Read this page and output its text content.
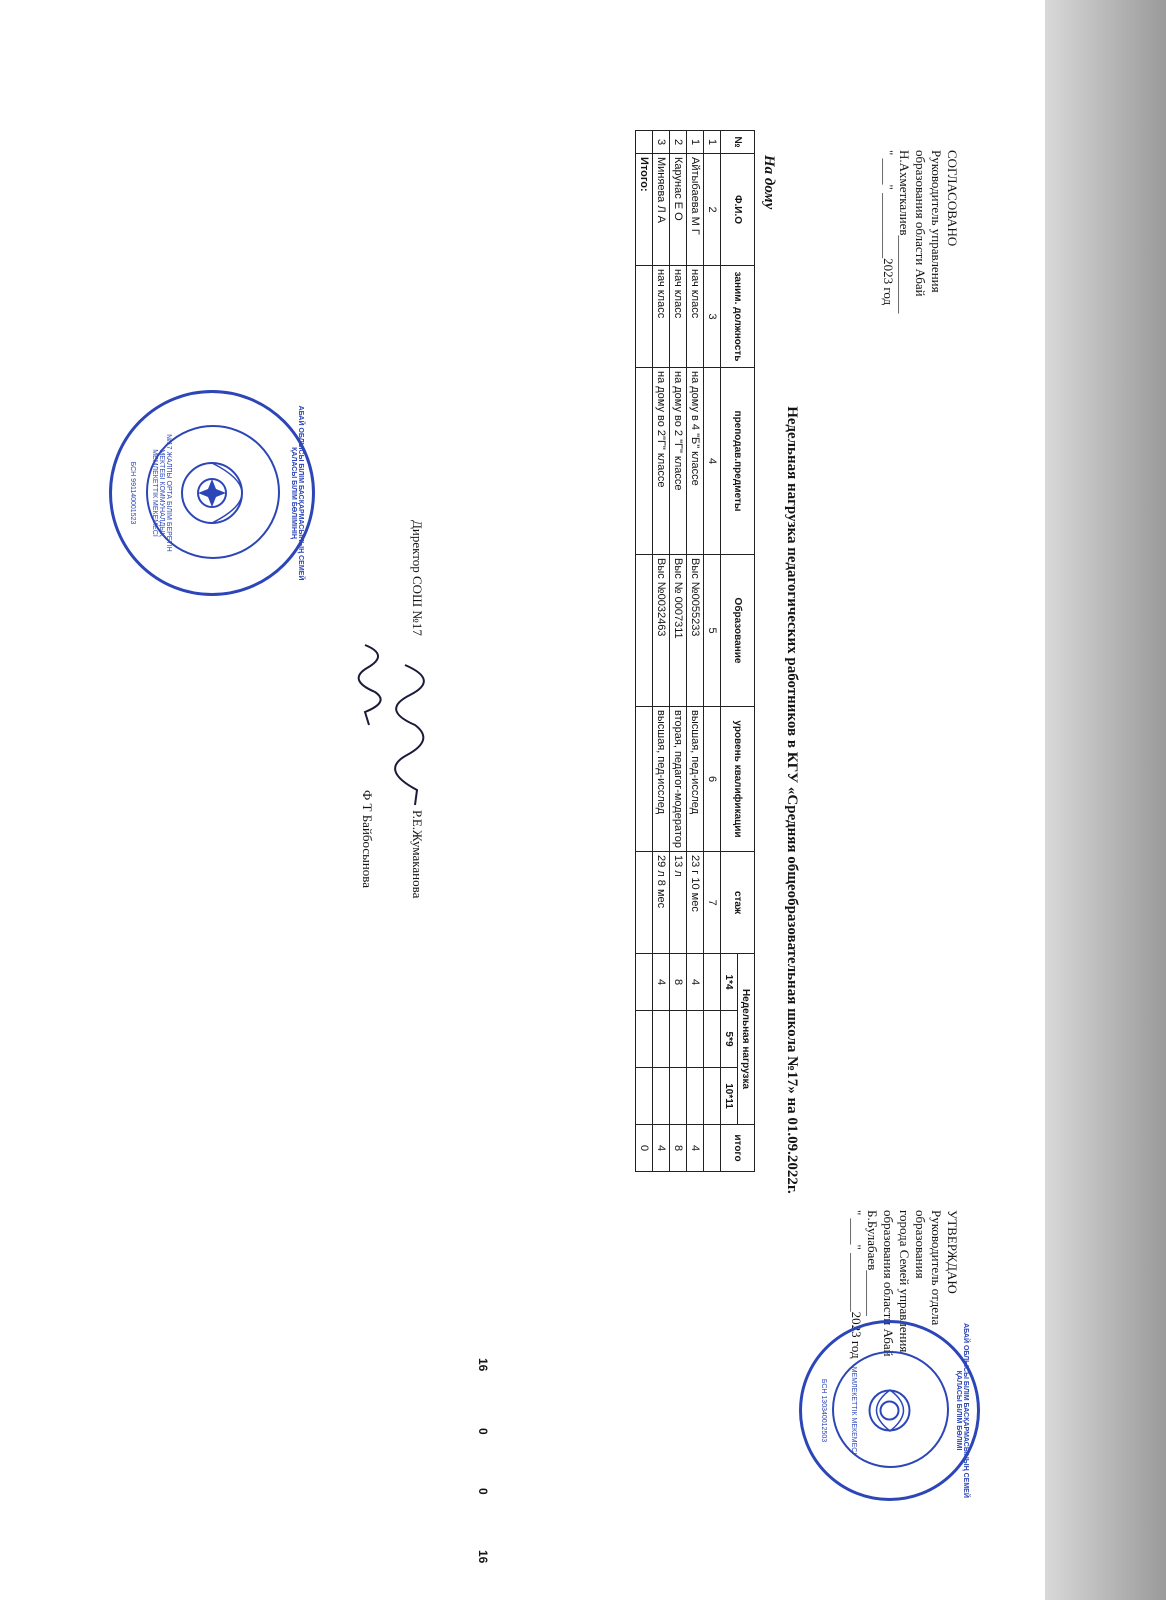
СОГЛАСОВАНО
Руководитель управления
образования области Абай
Н.Ахметкалиев____________
" ____" __________2023 год
УТВЕРЖДАЮ
Руководитель отдела
образования
города Семей управления
образования области Абай
Б.Булабаев_______
" ____" _________2023 год
АБАЙ ОБЛЫСЫ БІЛІМ БАСҚАРМАСЫНЫҢ СЕМЕЙ ҚАЛАСЫ БІЛІМ БӨЛІМІ
МЕМЛЕКЕТТІК МЕКЕМЕСІ
БСН 130340012503
Недельная нагрузка педагогических работников в КГУ «Средняя общеобразовательная школа №17» на 01.09.2022г.
На дому
№	Ф.И.О	заним. должность	преподав.предметы	Образование	уровень квалификации	стаж	Недельная нагрузка			итого
							1*4	5*9	10*11	
1	2	3	4	5	6	7				
1	Айтыбаева М Г	нач класс	на дому в 4 "Б" классе	Выс №0055233	высшая, пед-исслед	23 г 10 мес	4			4
2	Карунас Е О	нач класс	на дому во 2 "Г" классе	Выс № 0007311	вторая, педагог-модератор	13 л	8			8
3	Миняева Л А	нач класс	на дому во 2"Г" классе	Выс №0032463	высшая, пед-исслед	29 л 8 мес	4			4
	Итого:									0
16
0
0
16
АБАЙ ОБЛЫСЫ БІЛІМ БАСҚАРМАСЫНЫҢ СЕМЕЙ ҚАЛАСЫ БІЛІМ БӨЛІМІНІҢ
№17 ЖАЛПЫ ОРТА БІЛІМ БЕРЕТІН МЕКТЕБІ КОММУНАЛДЫҚ МЕМЛЕКЕТТІК МЕКЕМЕСІ
БСН 991140001523
Директор СОШ №17
Р.Е.Жумаканова
Ф Т Байбосынова
